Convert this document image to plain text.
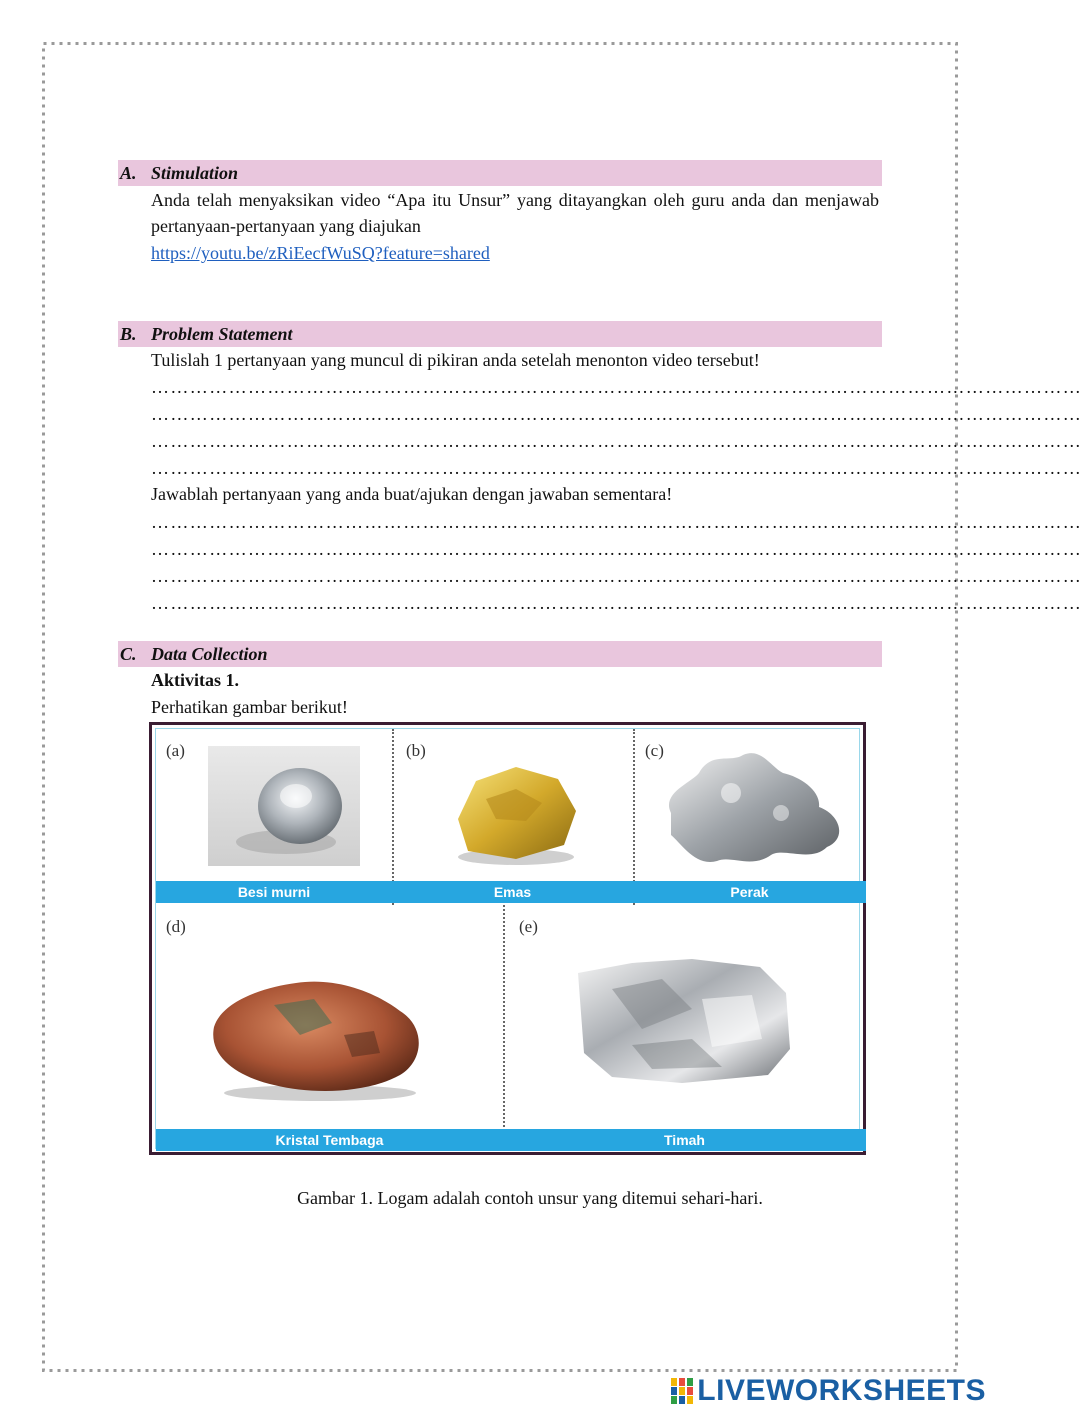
A. Stimulation
Anda telah menyaksikan video “Apa itu Unsur” yang ditayangkan oleh guru anda dan menjawab pertanyaan-pertanyaan yang diajukan
https://youtu.be/zRiEecfWuSQ?feature=shared
B. Problem Statement
Tulislah 1 pertanyaan yang muncul di pikiran anda setelah menonton video tersebut!
………………………………………………………………………………………………………………………………
………………………………………………………………………………………………………………………………
………………………………………………………………………………………………………………………………
………………………………………………………………………………………………………………………………
Jawablah pertanyaan yang anda buat/ajukan dengan jawaban sementara!
………………………………………………………………………………………………………………………………
………………………………………………………………………………………………………………………………
………………………………………………………………………………………………………………………………
………………………………………………………………………………………………………………………………
C. Data Collection
Aktivitas 1.
Perhatikan gambar berikut!
(a)
Besi murni
(b)
Emas
(c)
Perak
(d)
Kristal Tembaga
(e)
Timah
Gambar 1. Logam adalah contoh unsur yang ditemui sehari-hari.
LIVEWORKSHEETS
